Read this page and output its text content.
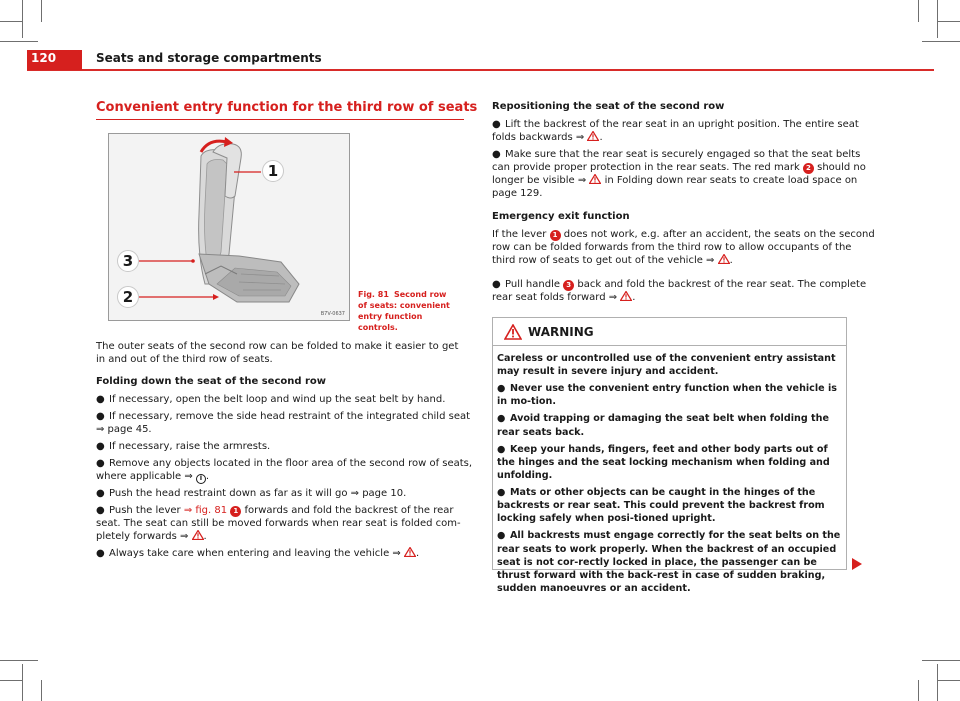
120	Seats and storage compartments
Convenient entry function for the third row of seats
1
3
2
B7V-0637
Fig. 81 Second row of seats: convenient entry function controls.
The outer seats of the second row can be folded to make it easier to get in and out of the third row of seats.
Folding down the seat of the second row
● If necessary, open the belt loop and wind up the seat belt by hand.
● If necessary, remove the side head restraint of the integrated child seat
⇒ page 45.
● If necessary, raise the armrests.
● Remove any objects located in the floor area of the second row of seats,
where applicable ⇒ i .
● Push the head restraint down as far as it will go ⇒ page 10.
● Push the lever ⇒ fig. 81 1 forwards and fold the backrest of the rear
seat. The seat can still be moved forwards when rear seat is folded com-
pletely forwards ⇒ .
● Always take care when entering and leaving the vehicle ⇒ .
Repositioning the seat of the second row
● Lift the backrest of the rear seat in an upright position. The entire seat
folds backwards ⇒ .
● Make sure that the rear seat is securely engaged so that the seat belts
can provide proper protection in the rear seats. The red mark 2 should no
longer be visible ⇒ in Folding down rear seats to create load space on
page 129.
Emergency exit function
If the lever 1 does not work, e.g. after an accident, the seats on the second
row can be folded forwards from the third row to allow occupants of the
third row of seats to get out of the vehicle ⇒ .
● Pull handle 3 back and fold the backrest of the rear seat. The complete
rear seat folds forward ⇒ .
WARNING

Careless or uncontrolled use of the convenient entry assistant may result in severe injury and accident.

● Never use the convenient entry function when the vehicle is in mo-tion.

● Avoid trapping or damaging the seat belt when folding the rear seats back.

● Keep your hands, fingers, feet and other body parts out of the hinges and the seat locking mechanism when folding and unfolding.

● Mats or other objects can be caught in the hinges of the backrests or rear seat. This could prevent the backrest from locking safely when posi-tioned upright.

● All backrests must engage correctly for the seat belts on the rear seats to work properly. When the backrest of an occupied seat is not cor-rectly locked in place, the passenger can be thrust forward with the back-rest in case of sudden braking, sudden manoeuvres or an accident.
